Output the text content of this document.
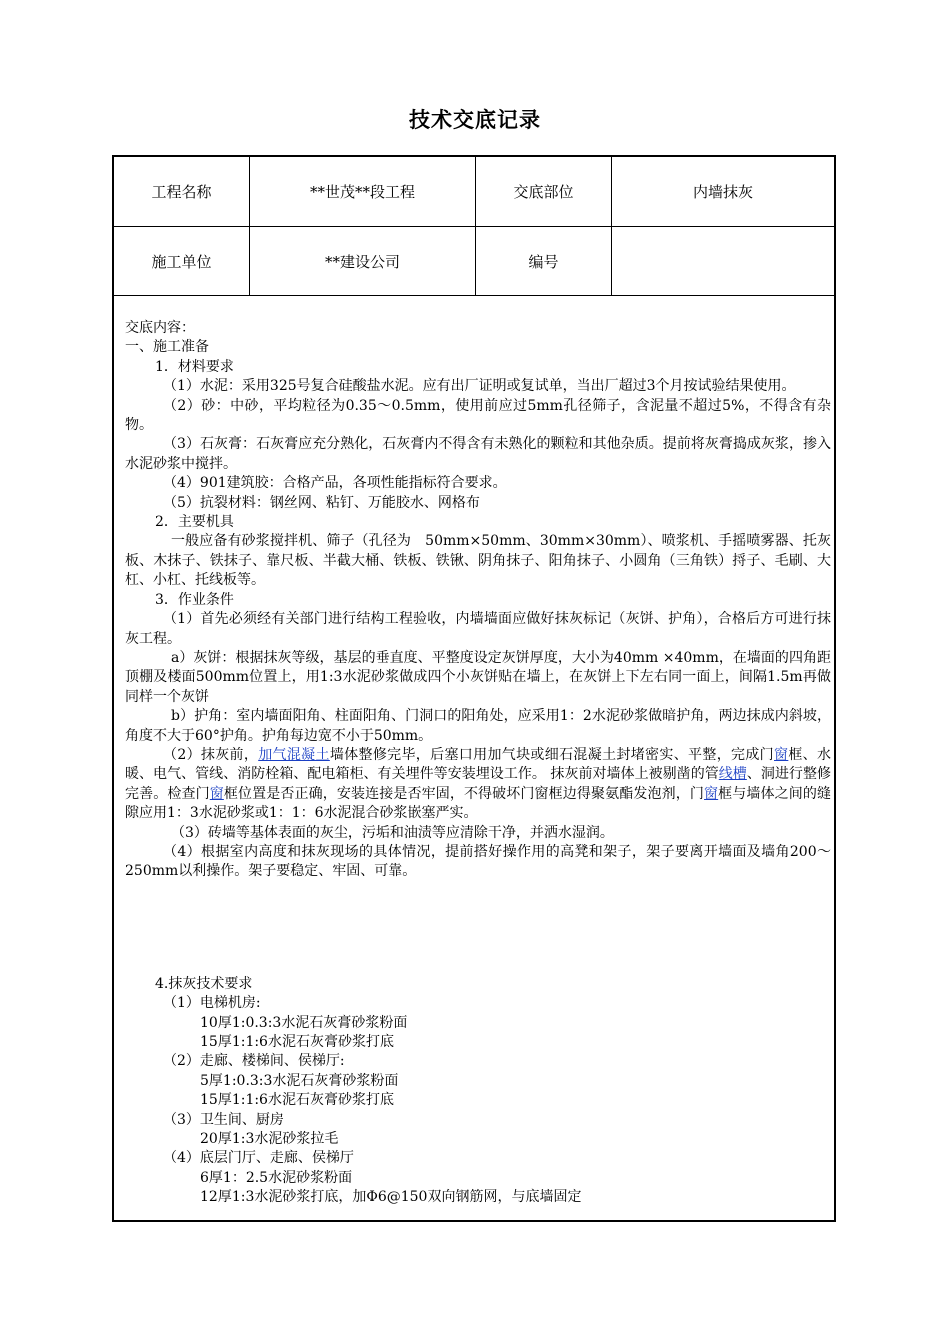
技术交底记录
工程名称	**世茂**段工程	交底部位	内墙抹灰
施工单位	**建设公司	编号

交底内容：

一、施工准备

1．材料要求

（1）水泥：采用325号复合硅酸盐水泥。应有出厂证明或复试单，当出厂超过3个月按试验结果使用。

（2）砂：中砂，平均粒径为0.35～0.5mm，使用前应过5mm孔径筛子，含泥量不超过5%，不得含有杂物。

（3）石灰膏：石灰膏应充分熟化，石灰膏内不得含有未熟化的颗粒和其他杂质。提前将灰膏捣成灰浆，掺入水泥砂浆中搅拌。

（4）901建筑胶：合格产品，各项性能指标符合要求。

（5）抗裂材料：钢丝网、粘钉、万能胶水、网格布

2．主要机具

一般应备有砂浆搅拌机、筛子（孔径为　50mm×50mm、30mm×30mm）、喷浆机、手摇喷雾器、托灰板、木抹子、铁抹子、靠尺板、半截大桶、铁板、铁锹、阴角抹子、阳角抹子、小圆角（三角铁）捋子、毛刷、大杠、小杠、托线板等。

3．作业条件

（1）首先必须经有关部门进行结构工程验收，内墙墙面应做好抹灰标记（灰饼、护角），合格后方可进行抹灰工程。

a）灰饼：根据抹灰等级，基层的垂直度、平整度设定灰饼厚度，大小为40mm ×40mm，在墙面的四角距顶棚及楼面500mm位置上，用1:3水泥砂浆做成四个小灰饼贴在墙上，在灰饼上下左右同一面上，间隔1.5m再做同样一个灰饼

b）护角：室内墙面阳角、柱面阳角、门洞口的阳角处，应采用1：2水泥砂浆做暗护角，两边抹成内斜坡，角度不大于60°护角。护角每边宽不小于50mm。

（2）抹灰前，加气混凝土墙体整修完毕，后塞口用加气块或细石混凝土封堵密实、平整，完成门窗框、水暖、电气、管线、消防栓箱、配电箱柜、有关埋件等安装埋设工作。 抹灰前对墙体上被剔凿的管线槽、洞进行整修完善。检查门窗框位置是否正确，安装连接是否牢固，不得破坏门窗框边得聚氨酯发泡剂，门窗框与墙体之间的缝隙应用1：3水泥砂浆或1：1：6水泥混合砂浆嵌塞严实。

（3）砖墙等基体表面的灰尘，污垢和油渍等应清除干净，并洒水湿润。

（4）根据室内高度和抹灰现场的具体情况，提前搭好操作用的高凳和架子，架子要离开墙面及墙角200～250mm以利操作。架子要稳定、牢固、可靠。

4.抹灰技术要求

（1）电梯机房:

10厚1:0.3:3水泥石灰膏砂浆粉面

15厚1:1:6水泥石灰膏砂浆打底

（2）走廊、楼梯间、侯梯厅:

5厚1:0.3:3水泥石灰膏砂浆粉面

15厚1:1:6水泥石灰膏砂浆打底

（3）卫生间、厨房

20厚1:3水泥砂浆拉毛

（4）底层门厅、走廊、侯梯厅

6厚1：2.5水泥砂浆粉面

12厚1:3水泥砂浆打底，加Φ6@150双向钢筋网，与底墙固定
